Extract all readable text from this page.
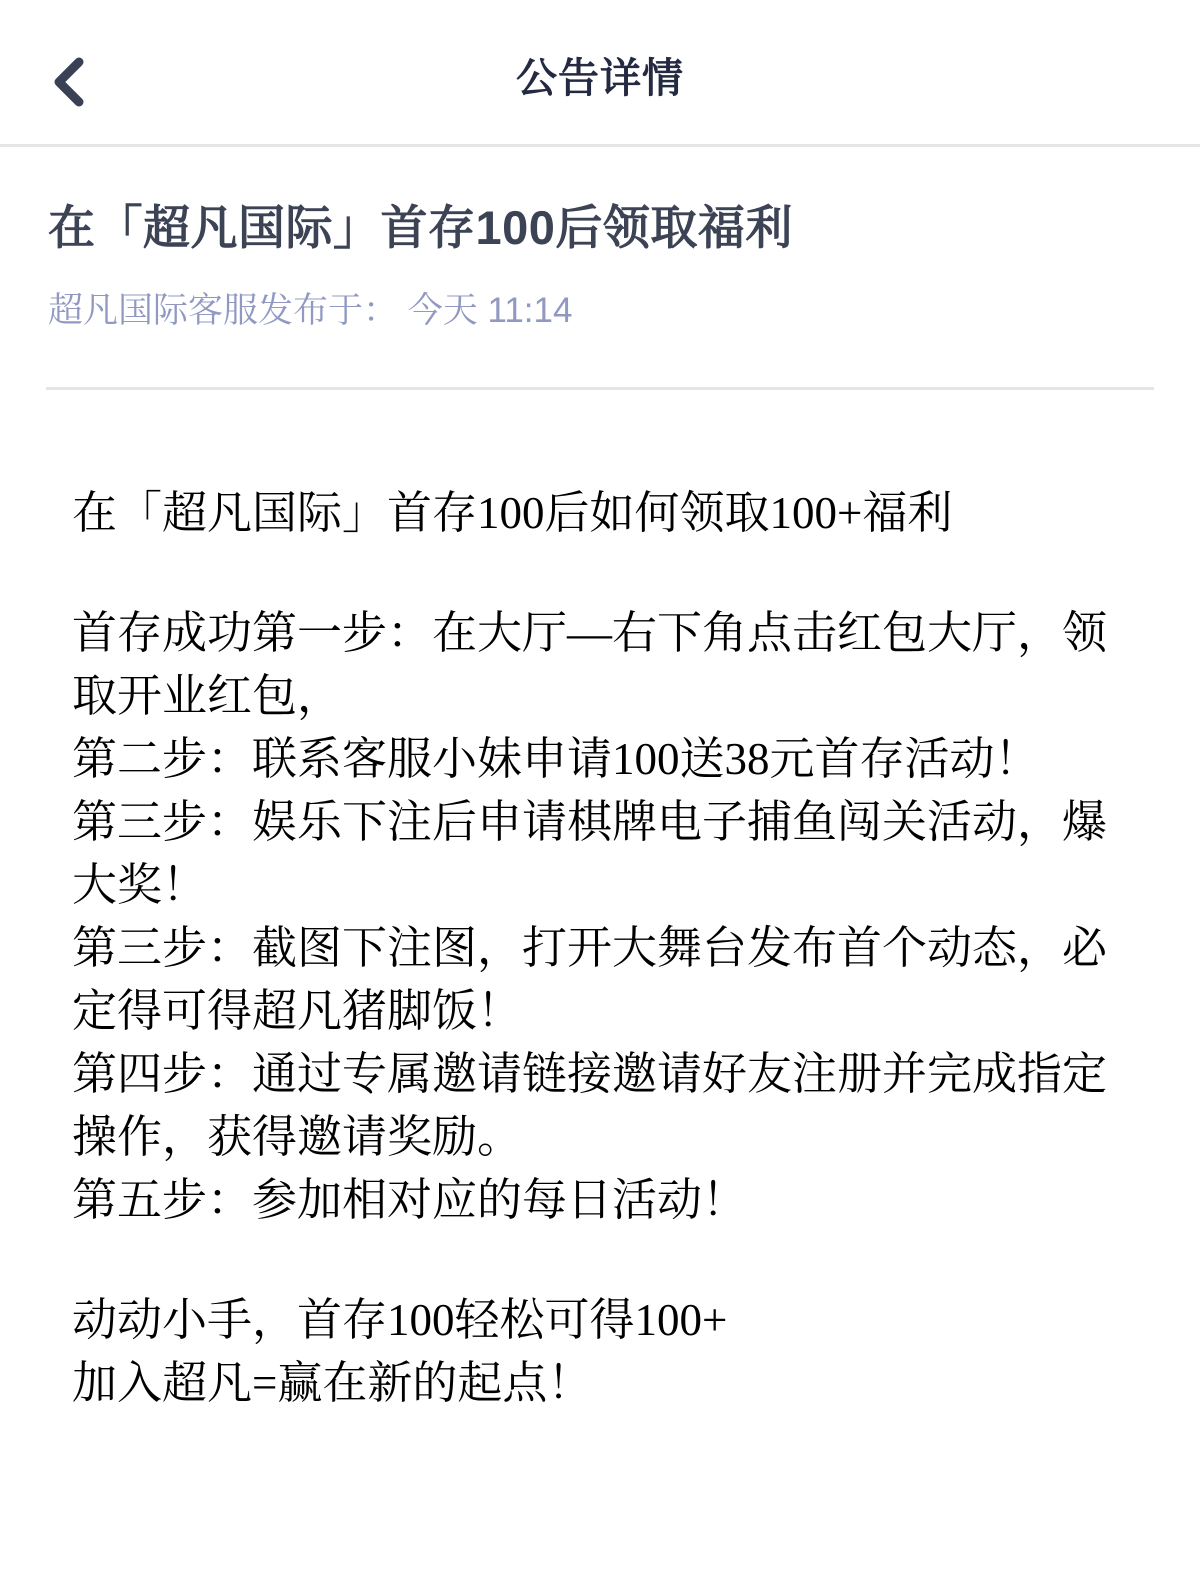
公告详情
在「超凡国际」首存100后领取福利
超凡国际客服发布于： 今天 11:14

在「超凡国际」首存100后如何领取100+福利

首存成功第一步：在大厅—右下角点击红包大厅，领取开业红包，
第二步：联系客服小妹申请100送38元首存活动！
第三步：娱乐下注后申请棋牌电子捕鱼闯关活动，爆大奖！
第三步：截图下注图，打开大舞台发布首个动态，必定得可得超凡猪脚饭！
第四步：通过专属邀请链接邀请好友注册并完成指定操作，获得邀请奖励。
第五步：参加相对应的每日活动！

动动小手，首存100轻松可得100+
加入超凡=赢在新的起点！
